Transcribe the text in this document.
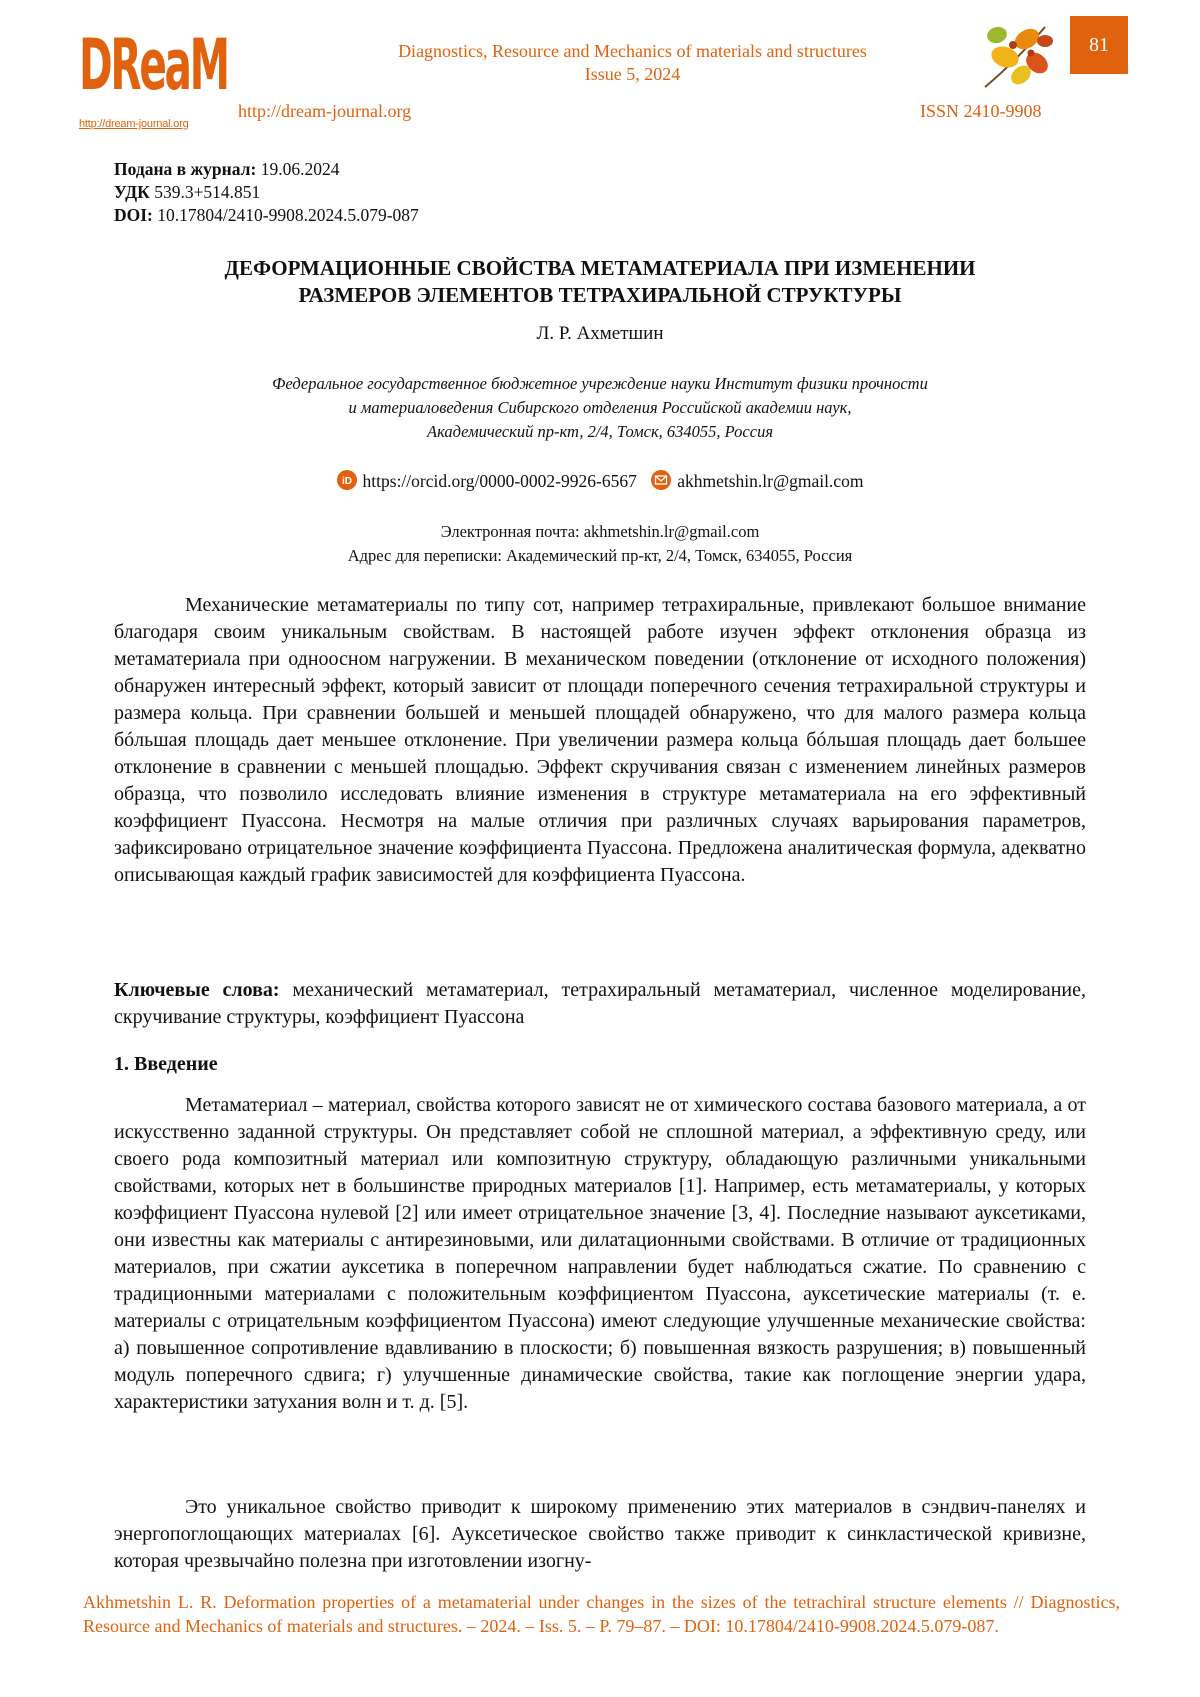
DReaM
http://dream-journal.org
Diagnostics, Resource and Mechanics of materials and structures
Issue 5, 2024
http://dream-journal.org	ISSN 2410-9908
81
Подана в журнал: 19.06.2024
УДК 539.3+514.851
DOI: 10.17804/2410-9908.2024.5.079-087
ДЕФОРМАЦИОННЫЕ СВОЙСТВА МЕТАМАТЕРИАЛА ПРИ ИЗМЕНЕНИИ
РАЗМЕРОВ ЭЛЕМЕНТОВ ТЕТРАХИРАЛЬНОЙ СТРУКТУРЫ
Л. Р. Ахметшин
Федеральное государственное бюджетное учреждение науки Институт физики прочности
и материаловедения Сибирского отделения Российской академии наук,
Академический пр-кт, 2/4, Томск, 634055, Россия
iD https://orcid.org/0000-0002-9926-6567 akhmetshin.lr@gmail.com
Электронная почта: akhmetshin.lr@gmail.com
Адрес для переписки: Академический пр-кт, 2/4, Томск, 634055, Россия
Механические метаматериалы по типу сот, например тетрахиральные, привлекают большое внимание благодаря своим уникальным свойствам. В настоящей работе изучен эффект отклонения образца из метаматериала при одноосном нагружении. В механическом поведении (отклонение от исходного положения) обнаружен интересный эффект, который зависит от площади поперечного сечения тетрахиральной структуры и размера кольца. При сравнении большей и меньшей площадей обнаружено, что для малого размера кольца бóльшая площадь дает меньшее отклонение. При увеличении размера кольца бóльшая площадь дает большее отклонение в сравнении с меньшей площадью. Эффект скручивания связан с изменением линейных размеров образца, что позволило исследовать влияние изменения в структуре метаматериала на его эффективный коэффициент Пуассона. Несмотря на малые отличия при различных случаях варьирования параметров, зафиксировано отрицательное значение коэффициента Пуассона. Предложена аналитическая формула, адекватно описывающая каждый график зависимостей для коэффициента Пуассона.
Ключевые слова: механический метаматериал, тетрахиральный метаматериал, численное моделирование, скручивание структуры, коэффициент Пуассона
1. Введение
Метаматериал – материал, свойства которого зависят не от химического состава базового материала, а от искусственно заданной структуры. Он представляет собой не сплошной материал, а эффективную среду, или своего рода композитный материал или композитную структуру, обладающую различными уникальными свойствами, которых нет в большинстве природных материалов [1]. Например, есть метаматериалы, у которых коэффициент Пуассона нулевой [2] или имеет отрицательное значение [3, 4]. Последние называют ауксетиками, они известны как материалы с антирезиновыми, или дилатационными свойствами. В отличие от традиционных материалов, при сжатии ауксетика в поперечном направлении будет наблюдаться сжатие. По сравнению с традиционными материалами с положительным коэффициентом Пуассона, ауксетические материалы (т. е. материалы с отрицательным коэффициентом Пуассона) имеют следующие улучшенные механические свойства: а) повышенное сопротивление вдавливанию в плоскости; б) повышенная вязкость разрушения; в) повышенный модуль поперечного сдвига; г) улучшенные динамические свойства, такие как поглощение энергии удара, характеристики затухания волн и т. д. [5].
Это уникальное свойство приводит к широкому применению этих материалов в сэндвич-панелях и энергопоглощающих материалах [6]. Ауксетическое свойство также приводит к синкластической кривизне, которая чрезвычайно полезна при изготовлении изогну-
Akhmetshin L. R. Deformation properties of a metamaterial under changes in the sizes of the tetrachiral structure elements // Diagnostics, Resource and Mechanics of materials and structures. – 2024. – Iss. 5. – P. 79–87. – DOI: 10.17804/2410-9908.2024.5.079-087.
